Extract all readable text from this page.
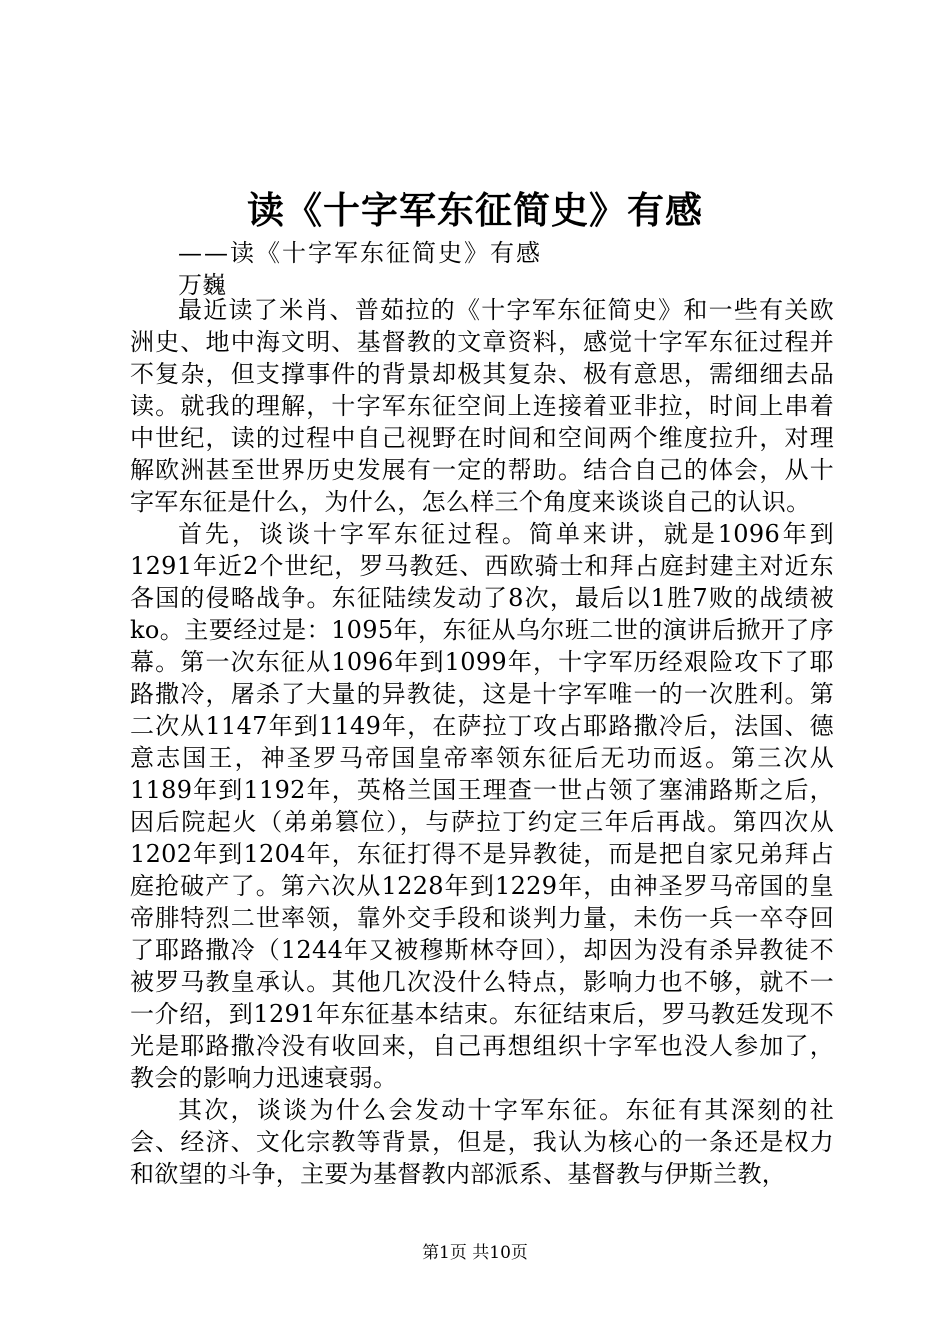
读《十字军东征简史》有感
——读《十字军东征简史》有感
万巍

最近读了米肖、普茹拉的《十字军东征简史》和一些有关欧洲史、地中海文明、基督教的文章资料，感觉十字军东征过程并不复杂，但支撑事件的背景却极其复杂、极有意思，需细细去品读。就我的理解，十字军东征空间上连接着亚非拉，时间上串着中世纪，读的过程中自己视野在时间和空间两个维度拉升，对理解欧洲甚至世界历史发展有一定的帮助。结合自己的体会，从十字军东征是什么，为什么，怎么样三个角度来谈谈自己的认识。

首先，谈谈十字军东征过程。简单来讲，就是1096年到1291年近2个世纪，罗马教廷、西欧骑士和拜占庭封建主对近东各国的侵略战争。东征陆续发动了8次，最后以1胜7败的战绩被ko。主要经过是：1095年，东征从乌尔班二世的演讲后掀开了序幕。第一次东征从1096年到1099年，十字军历经艰险攻下了耶路撒冷，屠杀了大量的异教徒，这是十字军唯一的一次胜利。第二次从1147年到1149年，在萨拉丁攻占耶路撒冷后，法国、德意志国王，神圣罗马帝国皇帝率领东征后无功而返。第三次从1189年到1192年，英格兰国王理查一世占领了塞浦路斯之后，因后院起火（弟弟篡位），与萨拉丁约定三年后再战。第四次从1202年到1204年，东征打得不是异教徒，而是把自家兄弟拜占庭抢破产了。第六次从1228年到1229年，由神圣罗马帝国的皇帝腓特烈二世率领，靠外交手段和谈判力量，未伤一兵一卒夺回了耶路撒冷（1244年又被穆斯林夺回），却因为没有杀异教徒不被罗马教皇承认。其他几次没什么特点，影响力也不够，就不一一介绍，到1291年东征基本结束。东征结束后，罗马教廷发现不光是耶路撒冷没有收回来，自己再想组织十字军也没人参加了，教会的影响力迅速衰弱。

其次，谈谈为什么会发动十字军东征。东征有其深刻的社会、经济、文化宗教等背景，但是，我认为核心的一条还是权力和欲望的斗争，主要为基督教内部派系、基督教与伊斯兰教，

第1页 共10页
